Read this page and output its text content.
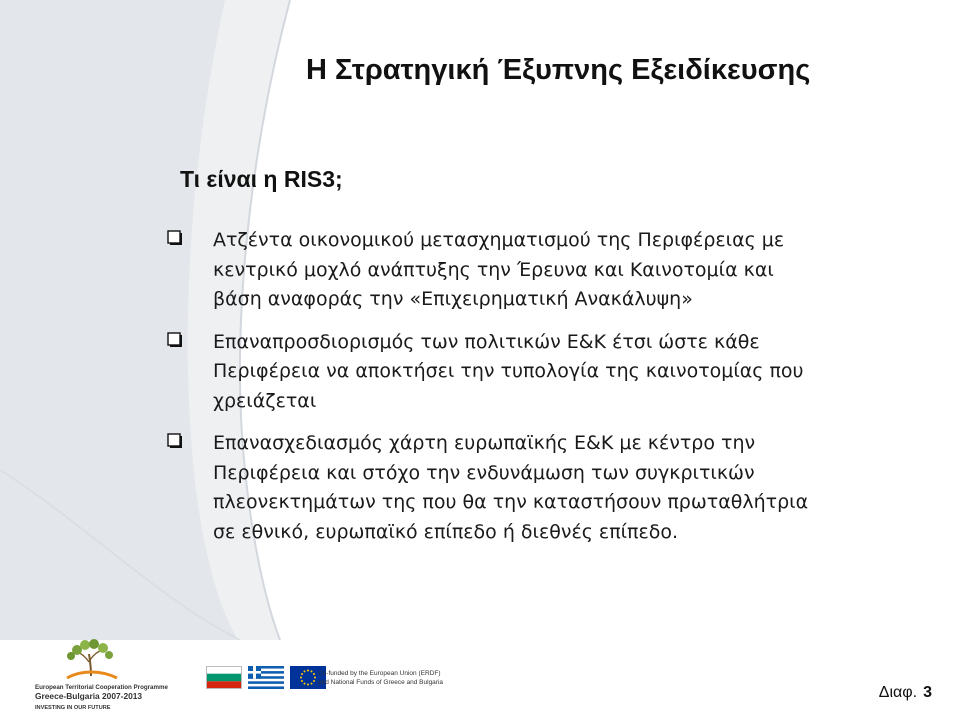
Η Στρατηγική Έξυπνης Εξειδίκευσης
Τι είναι η RIS3;
Ατζέντα οικονομικού μετασχηματισμού της Περιφέρειας με
κεντρικό μοχλό ανάπτυξης την Έρευνα και Καινοτομία και
βάση αναφοράς την «Επιχειρηματική Ανακάλυψη»
Επαναπροσδιορισμός των πολιτικών Ε&Κ έτσι ώστε κάθε
Περιφέρεια να αποκτήσει την τυπολογία της καινοτομίας που
χρειάζεται
Επανασχεδιασμός χάρτη ευρωπαϊκής Ε&Κ με κέντρο την
Περιφέρεια και στόχο την ενδυνάμωση των συγκριτικών
πλεονεκτημάτων της που θα την καταστήσουν πρωταθλήτρια
σε εθνικό, ευρωπαϊκό επίπεδο ή διεθνές επίπεδο.
European Territorial Cooperation Programme
Greece-Bulgaria 2007-2013
INVESTING IN OUR FUTURE
Co-funded by the European Union (ERDF)
and National Funds of Greece and Bulgaria
Διαφ. 3
